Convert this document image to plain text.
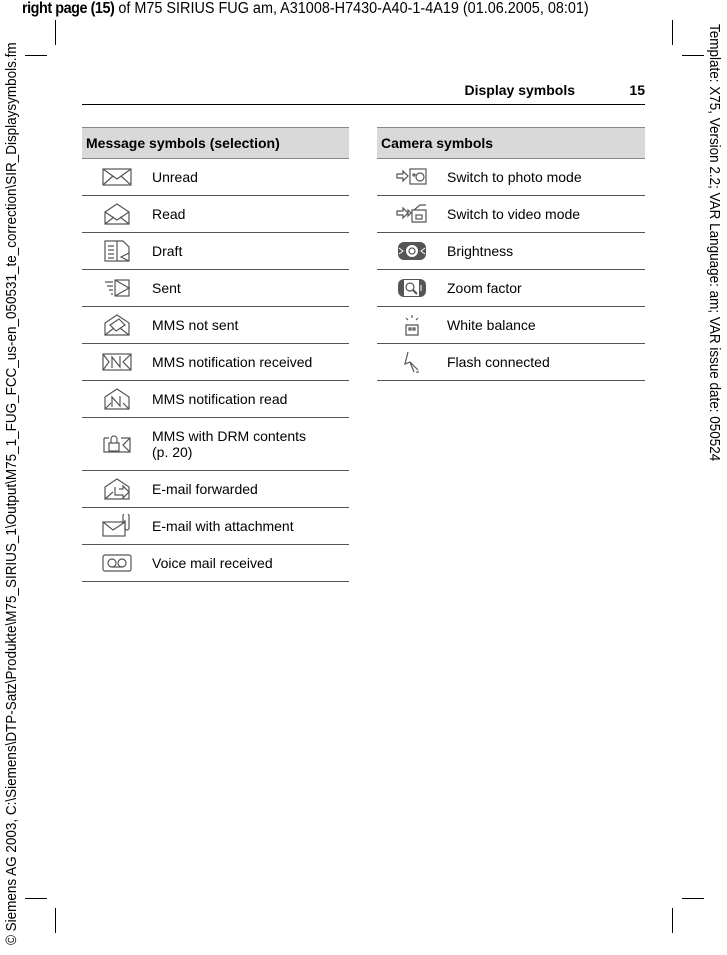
right page (15) of M75 SIRIUS FUG am, A31008-H7430-A40-1-4A19 (01.06.2005, 08:01)
© Siemens AG 2003, C:\Siemens\DTP-Satz\Produkte\M75_SIRIUS_1\Output\M75_1_FUG_FCC_us-en_050531_te_correction\SIR_Displaysymbols.fm	Template: X75, Version 2.2; VAR Language: am; VAR issue date: 050524
Display symbols	15
Message symbols (selection)	
	Unread
	Read
	Draft
	Sent
	MMS not sent
	MMS notification received
	MMS notification read
	MMS with DRM contents
(p. 20)
	E-mail forwarded
	E-mail with attachment
	Voice mail received
Camera symbols	
	Switch to photo mode
	Switch to video mode
	Brightness
	Zoom factor
	White balance
	Flash connected
